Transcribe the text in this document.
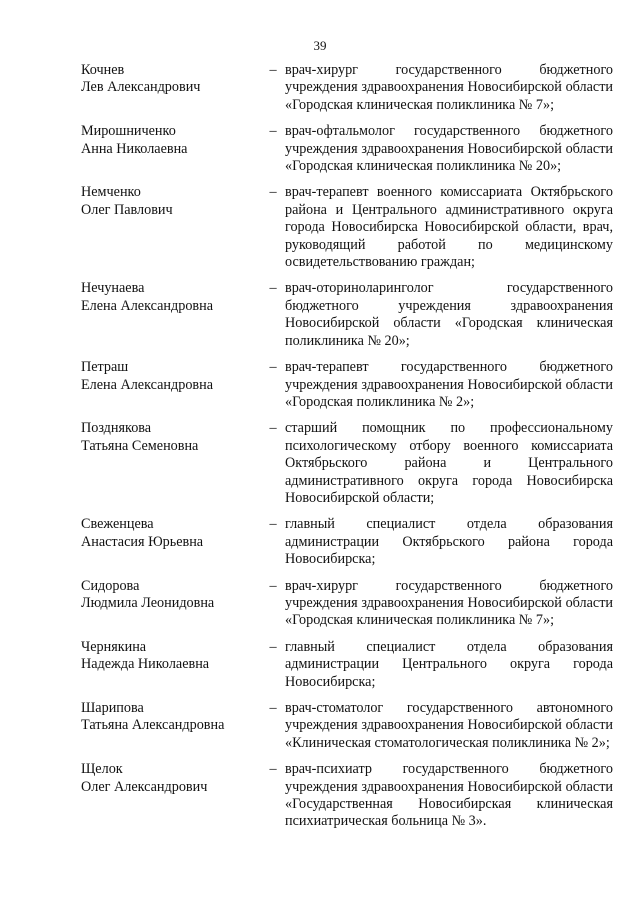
39
Кочнев
Лев Александрович
– врач-хирург государственного бюджетного учреждения здравоохранения Новосибирской области «Городская клиническая поликлиника № 7»;
Мирошниченко
Анна Николаевна
– врач-офтальмолог государственного бюджетного учреждения здравоохранения Новосибирской области «Городская клиническая поликлиника № 20»;
Немченко
Олег Павлович
– врач-терапевт военного комиссариата Октябрьского района и Центрального административного округа города Новосибирска Новосибирской области, врач, руководящий работой по медицинскому освидетельствованию граждан;
Нечунаева
Елена Александровна
– врач-оториноларинголог государственного бюджетного учреждения здравоохранения Новосибирской области «Городская клиническая поликлиника № 20»;
Петраш
Елена Александровна
– врач-терапевт государственного бюджетного учреждения здравоохранения Новосибирской области «Городская поликлиника № 2»;
Позднякова
Татьяна Семеновна
– старший помощник по профессиональному психологическому отбору военного комиссариата Октябрьского района и Центрального административного округа города Новосибирска Новосибирской области;
Свеженцева
Анастасия Юрьевна
– главный специалист отдела образования администрации Октябрьского района города Новосибирска;
Сидорова
Людмила Леонидовна
– врач-хирург государственного бюджетного учреждения здравоохранения Новосибирской области «Городская клиническая поликлиника № 7»;
Чернякина
Надежда Николаевна
– главный специалист отдела образования администрации Центрального округа города Новосибирска;
Шарипова
Татьяна Александровна
– врач-стоматолог государственного автономного учреждения здравоохранения Новосибирской области «Клиническая стоматологическая поликлиника № 2»;
Щелок
Олег Александрович
– врач-психиатр государственного бюджетного учреждения здравоохранения Новосибирской области «Государственная Новосибирская клиническая психиатрическая больница № 3».
